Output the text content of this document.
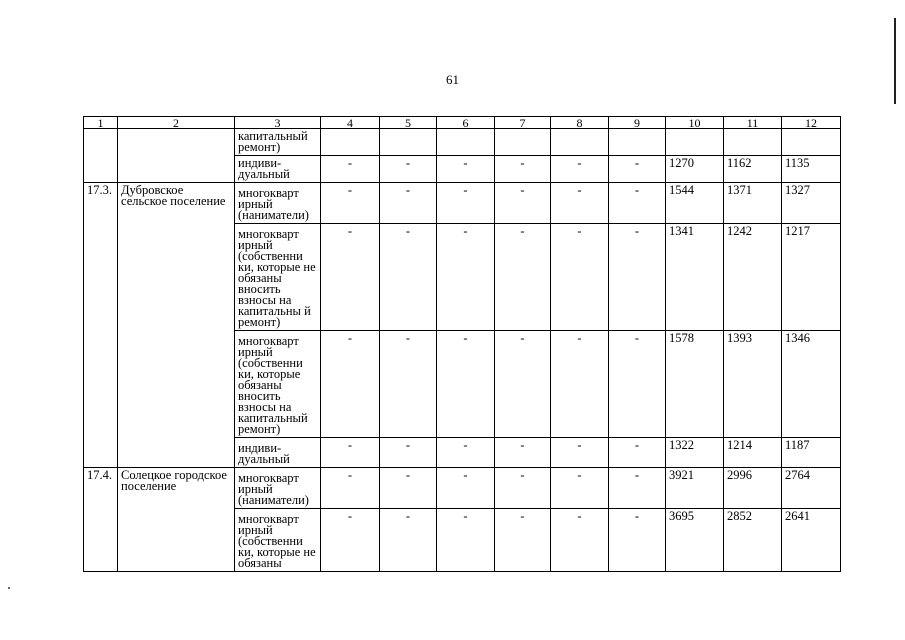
61
1	2	3	4	5	6	7	8	9	10	11	12
		капитальный ремонт)									
		индиви-дуальный	-	-	-	-	-	-	1270	1162	1135
17.3.	Дубровское сельское поселение	многокварт ирный (наниматели)	-	-	-	-	-	-	1544	1371	1327
		многокварт ирный (собственни ки, которые не обязаны вносить взносы на капитальны й ремонт)	-	-	-	-	-	-	1341	1242	1217
		многокварт ирный (собственни ки, которые обязаны вносить взносы на капитальный ремонт)	-	-	-	-	-	-	1578	1393	1346
		индиви-дуальный	-	-	-	-	-	-	1322	1214	1187
17.4.	Солецкое городское поселение	многокварт ирный (наниматели)	-	-	-	-	-	-	3921	2996	2764
		многокварт ирный (собственни ки, которые не обязаны	-	-	-	-	-	-	3695	2852	2641
